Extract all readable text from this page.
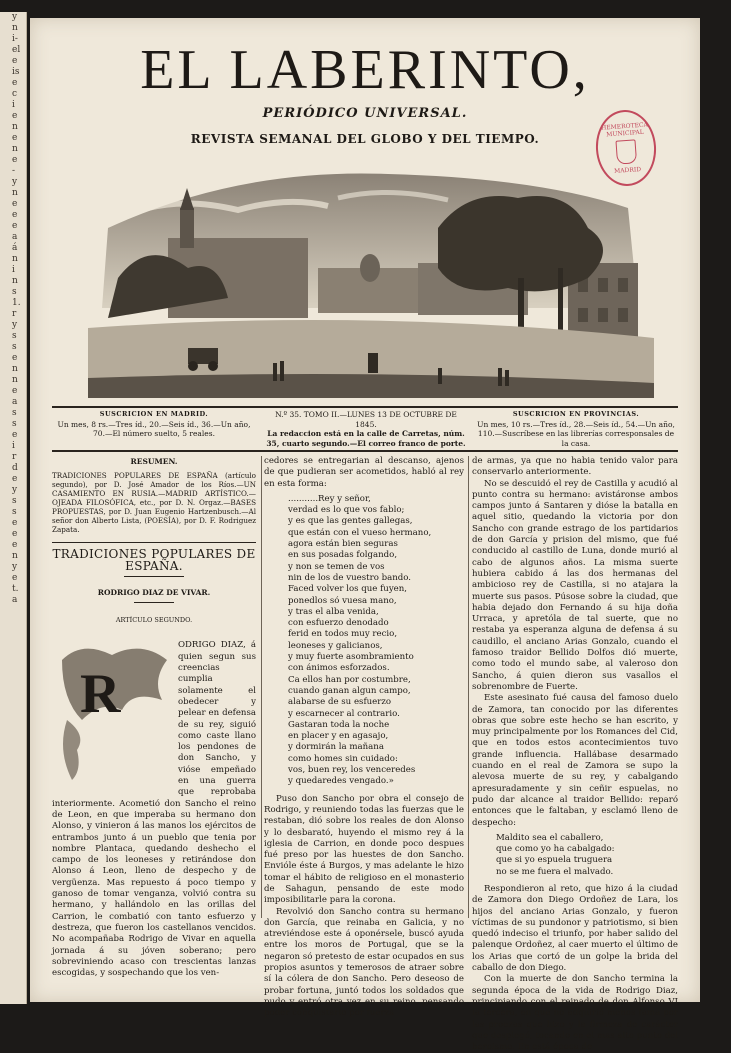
y
n
i-
el
e
is
e
c
i
e
n
e
n
e
-
y
n
e
e
e
a
á
n
i
n
s
1.
r
y
s
s
e
n
n
e
a
s
s
e
i
r
d
e
y
s
s
e
e
e
n
y
e
t.
a
EL LABERINTO,
PERIÓDICO UNIVERSAL.
REVISTA SEMANAL DEL GLOBO Y DEL TIEMPO.
HEMEROTECA MUNICIPAL
MADRID
SUSCRICION EN MADRID.
Un mes, 8 rs.—Tres íd., 20.—Seis íd., 36.—Un año, 70.—El número suelto, 5 reales.
N.º 35. TOMO II.—LUNES 13 DE OCTUBRE DE 1845.
La redaccion está en la calle de Carretas, núm. 35, cuarto segundo.—El correo franco de porte.
SUSCRICION EN PROVINCIAS.
Un mes, 10 rs.—Tres íd., 28.—Seis íd., 54.—Un año, 110.—Suscríbese en las librerías corresponsales de la casa.

RESUMEN.

TRADICIONES POPULARES DE ESPAÑA (artículo segundo), por D. José Amador de los Ríos.—UN CASAMIENTO EN RUSIA.—MADRID ARTÍSTICO.—OJEADA FILOSÓFICA, etc., por D. N. Orgaz.—BASES PROPUESTAS, por D. Juan Eugenio Hartzenbusch.—Al señor don Alberto Lista, (POESÍA), por D. F. Rodriguez Zapata.

TRADICIONES POPULARES DE ESPAÑA.

RODRIGO DIAZ DE VIVAR.

ARTÍCULO SEGUNDO.

R

ODRIGO DIAZ, á quien segun sus creencias cumplia solamente el obedecer y pelear en defensa de su rey, siguió como caste llano los pendones de don Sancho, y vióse empeñado en una guerra que reprobaba interiormente. Acometió don Sancho el reino de Leon, en que imperaba su hermano don Alonso, y vinieron á las manos los ejércitos de entrambos junto á un pueblo que tenia por nombre Plantaca, quedando deshecho el campo de los leoneses y retirándose don Alonso á Leon, lleno de despecho y de vergüenza. Mas repuesto á poco tiempo y ganoso de tomar venganza, volvió contra su hermano, y hallándolo en las orillas del Carrion, le combatió con tanto esfuerzo y destreza, que fueron los castellanos vencidos. No acompañaba Rodrigo de Vivar en aquella jornada á su jóven soberano; pero sobreviniendo acaso con trescientas lanzas escogidas, y sospechando que los ven-

cedores se entregarian al descanso, ajenos de que pudieran ser acometidos, habló al rey en esta forma:

...........Rey y señor,

verdad es lo que vos fablo;

y es que las gentes gallegas,

que están con el vueso hermano,

agora están bien seguras

en sus posadas folgando,

y non se temen de vos

nin de los de vuestro bando.

Faced volver los que fuyen,

ponedlos só vuesa mano,

y tras el alba venida,

con esfuerzo denodado

ferid en todos muy recio,

leoneses y galicianos,

y muy fuerte asombramiento

con ánimos esforzados.

Ca ellos han por costumbre,

cuando ganan algun campo,

alabarse de su esfuerzo

y escarnecer al contrario.

Gastaran toda la noche

en placer y en agasajo,

y dormirán la mañana

como homes sin cuidado:

vos, buen rey, los venceredes

y quedaredes vengado.»

Puso don Sancho por obra el consejo de Rodrigo, y reuniendo todas las fuerzas que le restaban, dió sobre los reales de don Alonso y lo desbarató, huyendo el mismo rey á la iglesia de Carrion, en donde poco despues fué preso por las huestes de don Sancho. Envióle éste á Burgos, y mas adelante le hizo tomar el hábito de religioso en el monasterio de Sahagun, pensando de este modo imposibilitarle para la corona.

Revolvió don Sancho contra su hermano don García, que reinaba en Galicia, y no atreviéndose este á oponérsele, buscó ayuda entre los moros de Portugal, que se la negaron só pretesto de estar ocupados en sus propios asuntos y temerosos de atraer sobre sí la cólera de don Sancho. Pero deseoso de probar fortuna, juntó todos los soldados que pudo y entró otra vez en su reino, pensando poder conquistarlo por fuerza

de armas, ya que no habia tenido valor para conservarlo anteriormente.

No se descuidó el rey de Castilla y acudió al punto contra su hermano: avistáronse ambos campos junto á Santaren y dióse la batalla en aquel sitio, quedando la victoria por don Sancho con grande estrago de los partidarios de don García y prision del mismo, que fué conducido al castillo de Luna, donde murió al cabo de algunos años. La misma suerte hubiera cabido á las dos hermanas del ambicioso rey de Castilla, si no atajara la muerte sus pasos. Púsose sobre la ciudad, que habia dejado don Fernando á su hija doña Urraca, y apretóla de tal suerte, que no restaba ya esperanza alguna de defensa á su caudillo, el anciano Arias Gonzalo, cuando el famoso traidor Bellido Dolfos dió muerte, como todo el mundo sabe, al valeroso don Sancho, á quien dieron sus vasallos el sobrenombre de Fuerte.

Este asesinato fué causa del famoso duelo de Zamora, tan conocido por las diferentes obras que sobre este hecho se han escrito, y muy principalmente por los Romances del Cid, que en todos estos acontecimientos tuvo grande influencia. Hallábase desarmado cuando en el real de Zamora se supo la alevosa muerte de su rey, y cabalgando apresuradamente y sin ceñir espuelas, no pudo dar alcance al traidor Bellido: reparó entonces que le faltaban, y esclamó lleno de despecho:

Maldito sea el caballero,

que como yo ha cabalgado:

que si yo espuela truguera

no se me fuera el malvado.

Respondieron al reto, que hizo á la ciudad de Zamora don Diego Ordoñez de Lara, los hijos del anciano Arias Gonzalo, y fueron víctimas de su pundonor y patriotismo, si bien quedó indeciso el triunfo, por haber salido del palenque Ordoñez, al caer muerto el último de los Arias que cortó de un golpe la brida del caballo de don Diego.

Con la muerte de don Sancho termina la segunda época de la vida de Rodrigo Diaz, principiando con el reinado de don Alfonso VI la tercera, en que no adquirió menos fama por las proezas que hizo y la firmeza de carácter que desplegó, tocando en el mas alto punto del heroismo. En está época de
